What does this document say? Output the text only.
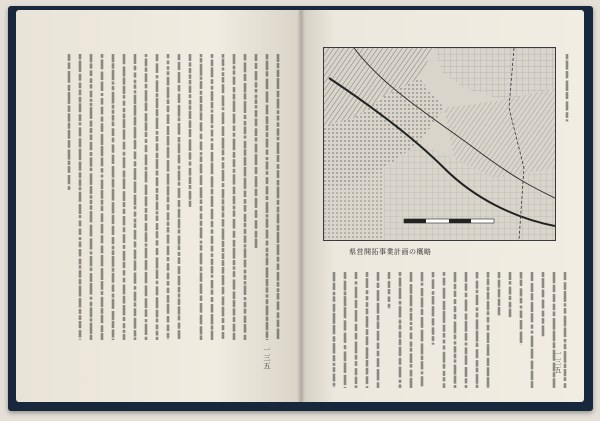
一三五
県営開拓事業計画の概略
一三五
